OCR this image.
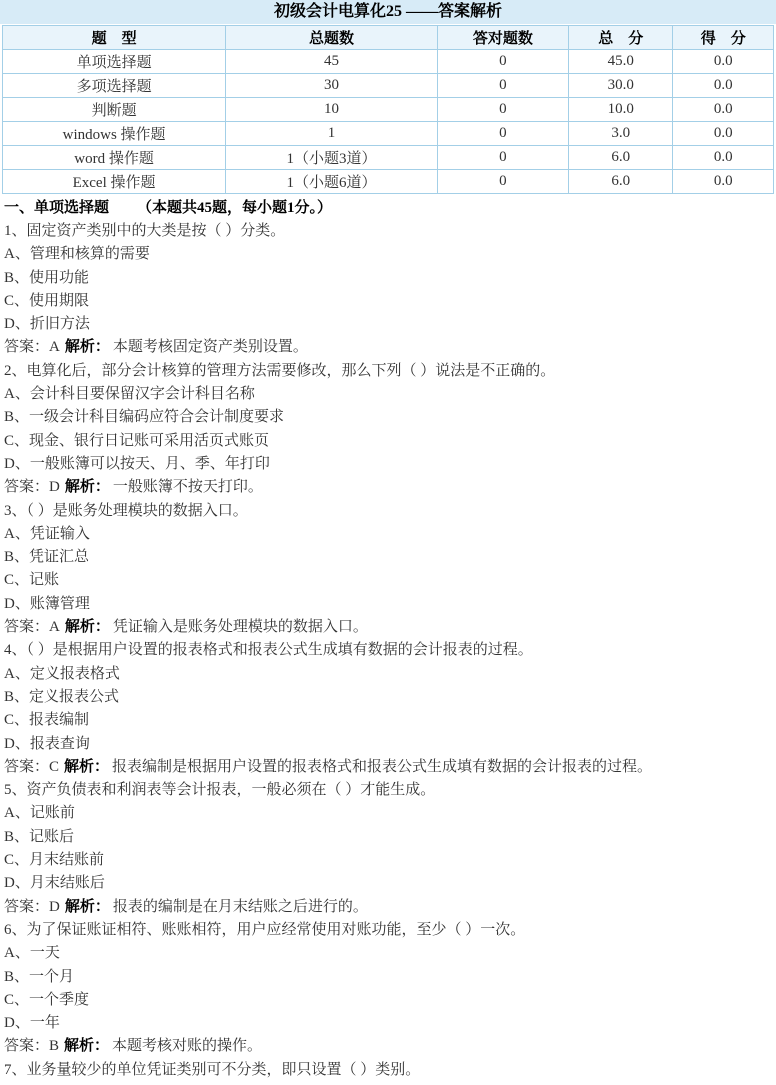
初级会计电算化25 ——答案解析
题　型	总题数	答对题数	总　分	得　分
单项选择题	45	0	45.0	0.0
多项选择题	30	0	30.0	0.0
判断题	10	0	10.0	0.0
windows 操作题	1	0	3.0	0.0
word 操作题	1（小题3道）	0	6.0	0.0
Excel 操作题	1（小题6道）	0	6.0	0.0
一、单项选择题 （本题共45题，每小题1分。）
1、固定资产类别中的大类是按（ ）分类。
A、管理和核算的需要
B、使用功能
C、使用期限
D、折旧方法
答案：A 解析： 本题考核固定资产类别设置。
2、电算化后，部分会计核算的管理方法需要修改，那么下列（ ）说法是不正确的。
A、会计科目要保留汉字会计科目名称
B、一级会计科目编码应符合会计制度要求
C、现金、银行日记账可采用活页式账页
D、一般账簿可以按天、月、季、年打印
答案：D 解析： 一般账簿不按天打印。
3、（ ）是账务处理模块的数据入口。
A、凭证输入
B、凭证汇总
C、记账
D、账簿管理
答案：A 解析： 凭证输入是账务处理模块的数据入口。
4、（ ）是根据用户设置的报表格式和报表公式生成填有数据的会计报表的过程。
A、定义报表格式
B、定义报表公式
C、报表编制
D、报表查询
答案：C 解析： 报表编制是根据用户设置的报表格式和报表公式生成填有数据的会计报表的过程。
5、资产负债表和利润表等会计报表，一般必须在（ ）才能生成。
A、记账前
B、记账后
C、月末结账前
D、月末结账后
答案：D 解析： 报表的编制是在月末结账之后进行的。
6、为了保证账证相符、账账相符，用户应经常使用对账功能，至少（ ）一次。
A、一天
B、一个月
C、一个季度
D、一年
答案：B 解析： 本题考核对账的操作。
7、业务量较少的单位凭证类别可不分类，即只设置（ ）类别。
